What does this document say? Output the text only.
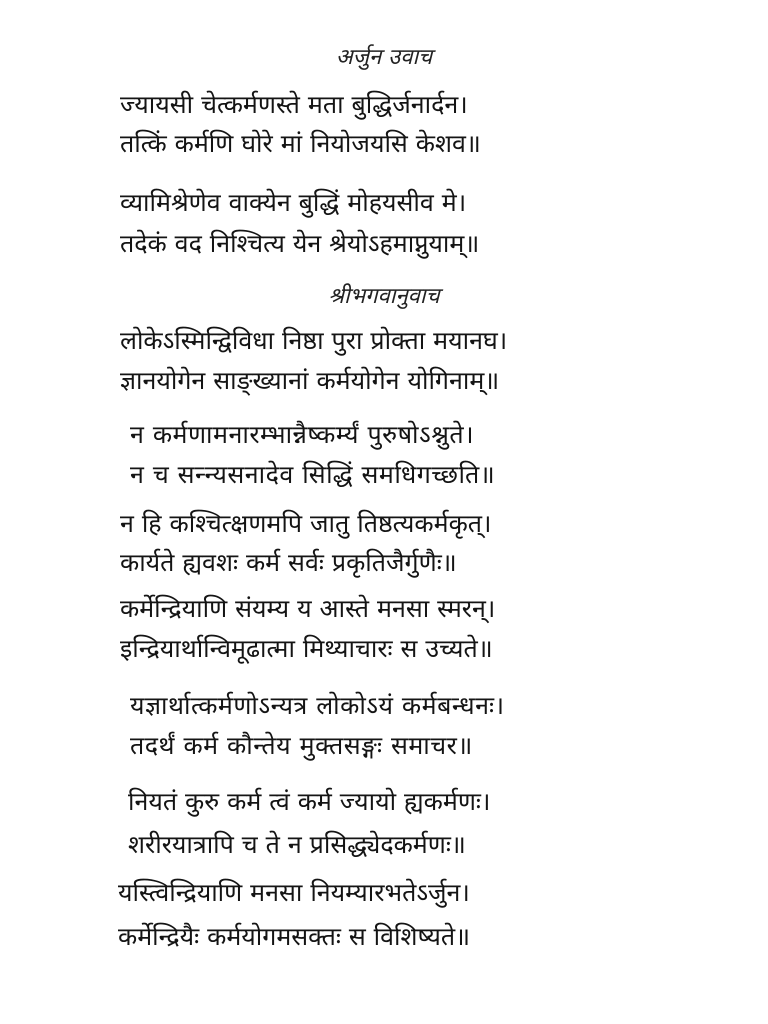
अर्जुन उवाच
ज्यायसी चेत्कर्मणस्ते मता बुद्धिर्जनार्दन।
तत्किं कर्मणि घोरे मां नियोजयसि केशव॥
व्यामिश्रेणेव वाक्येन बुद्धिं मोहयसीव मे।
तदेकं वद निश्चित्य येन श्रेयोऽहमाप्नुयाम्॥
श्रीभगवानुवाच
लोकेऽस्मिन्द्विविधा निष्ठा पुरा प्रोक्ता मयानघ।
ज्ञानयोगेन साङ्ख्यानां कर्मयोगेन योगिनाम्॥
न कर्मणामनारम्भान्नैष्कर्म्यं पुरुषोऽश्नुते।
न च सन्न्यसनादेव सिद्धिं समधिगच्छति॥
न हि कश्चित्क्षणमपि जातु तिष्ठत्यकर्मकृत्।
कार्यते ह्यवशः कर्म सर्वः प्रकृतिजैर्गुणैः॥
कर्मेन्द्रियाणि संयम्य य आस्ते मनसा स्मरन्।
इन्द्रियार्थान्विमूढात्मा मिथ्याचारः स उच्यते॥
यज्ञार्थात्कर्मणोऽन्यत्र लोकोऽयं कर्मबन्धनः।
तदर्थं कर्म कौन्तेय मुक्तसङ्गः समाचर॥
नियतं कुरु कर्म त्वं कर्म ज्यायो ह्यकर्मणः।
शरीरयात्रापि च ते न प्रसिद्ध्येदकर्मणः॥
यस्त्विन्द्रियाणि मनसा नियम्यारभतेऽर्जुन।
कर्मेन्द्रियैः कर्मयोगमसक्तः स विशिष्यते॥
